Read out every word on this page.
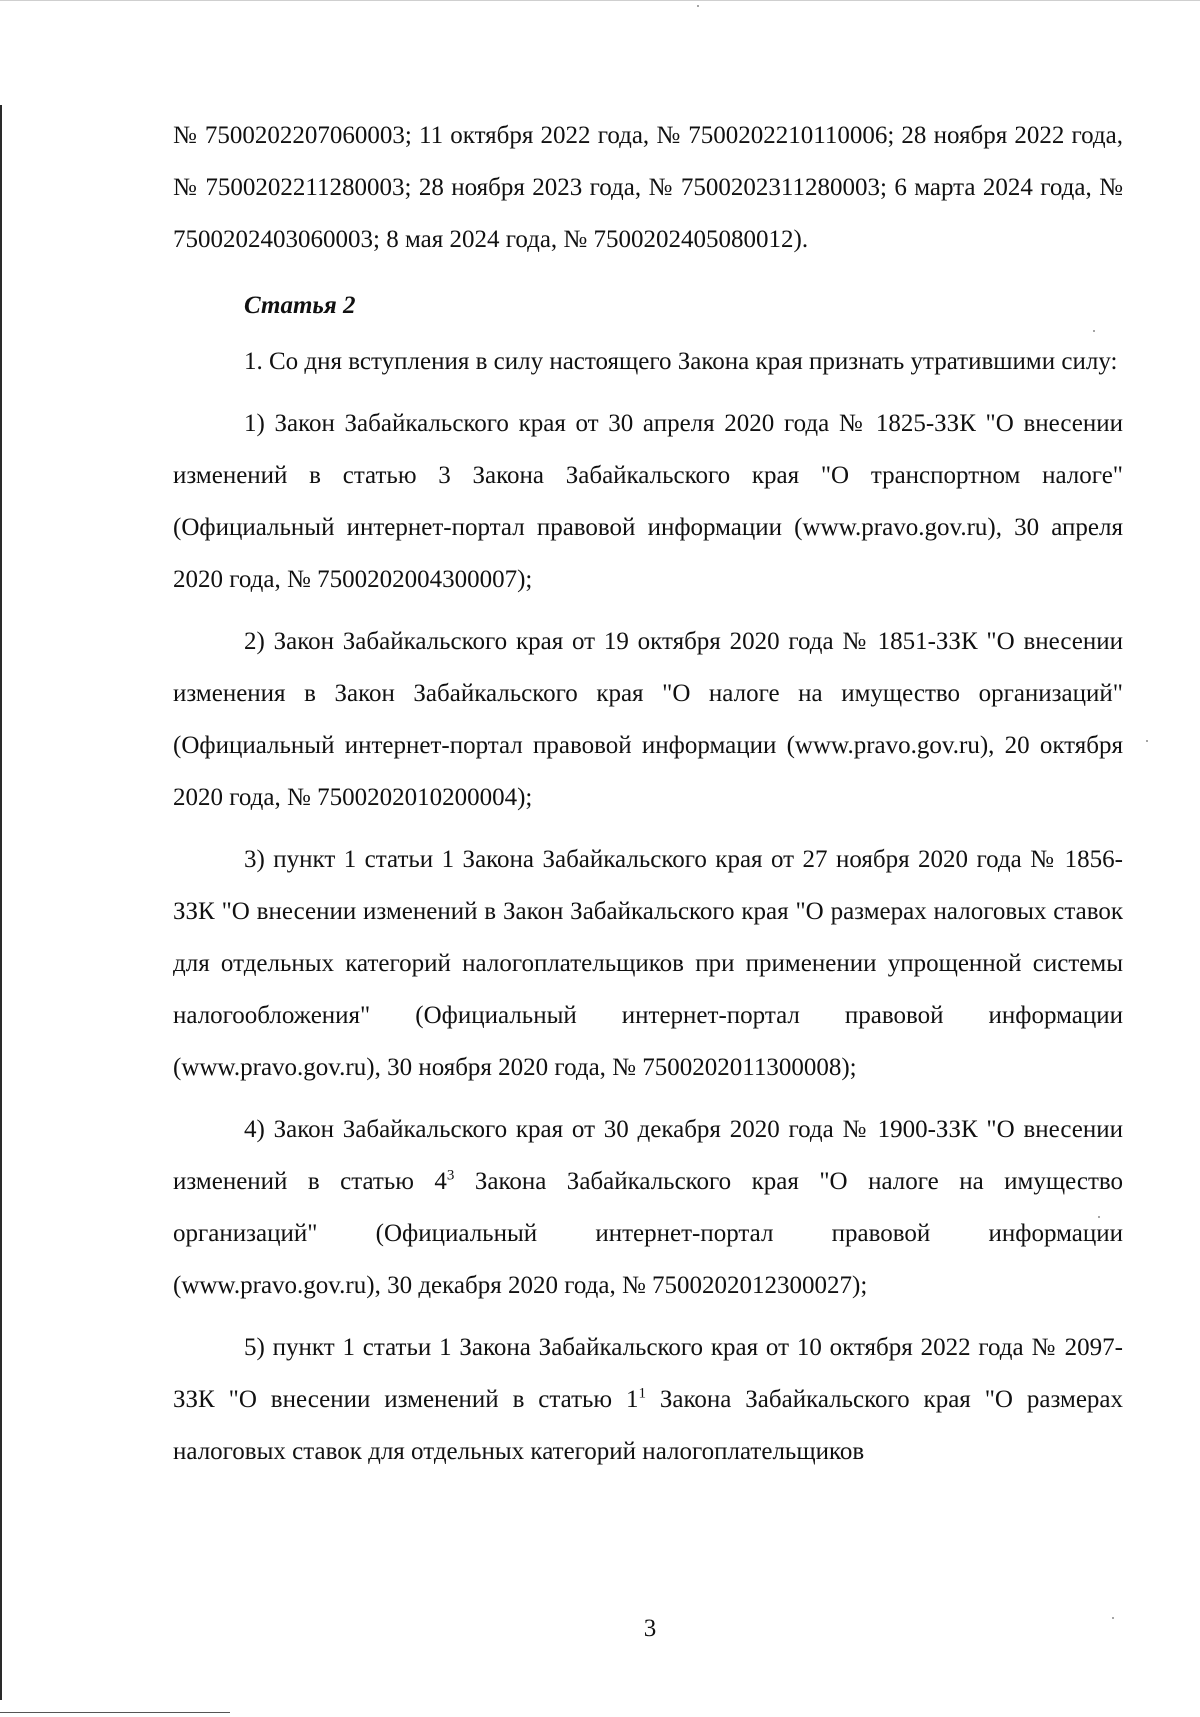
№ 7500202207060003; 11 октября 2022 года, № 7500202210110006; 28 ноября 2022 года, № 7500202211280003; 28 ноября 2023 года, № 7500202311280003; 6 марта 2024 года, № 7500202403060003; 8 мая 2024 года, № 7500202405080012).

Статья 2

1. Со дня вступления в силу настоящего Закона края признать утратившими силу:

1) Закон Забайкальского края от 30 апреля 2020 года № 1825-ЗЗК "О внесении изменений в статью 3 Закона Забайкальского края "О транспортном налоге" (Официальный интернет-портал правовой информации (www.pravo.gov.ru), 30 апреля 2020 года, № 7500202004300007);

2) Закон Забайкальского края от 19 октября 2020 года № 1851-ЗЗК "О внесении изменения в Закон Забайкальского края "О налоге на имущество организаций" (Официальный интернет-портал правовой информации (www.pravo.gov.ru), 20 октября 2020 года, № 7500202010200004);

3) пункт 1 статьи 1 Закона Забайкальского края от 27 ноября 2020 года № 1856-ЗЗК "О внесении изменений в Закон Забайкальского края "О размерах налоговых ставок для отдельных категорий налогоплательщиков при применении упрощенной системы налогообложения" (Официальный интернет-портал правовой информации (www.pravo.gov.ru), 30 ноября 2020 года, № 7500202011300008);

4) Закон Забайкальского края от 30 декабря 2020 года № 1900-ЗЗК "О внесении изменений в статью $4^3$ Закона Забайкальского края "О налоге на имущество организаций" (Официальный интернет-портал правовой информации (www.pravo.gov.ru), 30 декабря 2020 года, № 7500202012300027);

5) пункт 1 статьи 1 Закона Забайкальского края от 10 октября 2022 года № 2097-ЗЗК "О внесении изменений в статью $1^1$ Закона Забайкальского края "О размерах налоговых ставок для отдельных категорий налогоплательщиков

3
